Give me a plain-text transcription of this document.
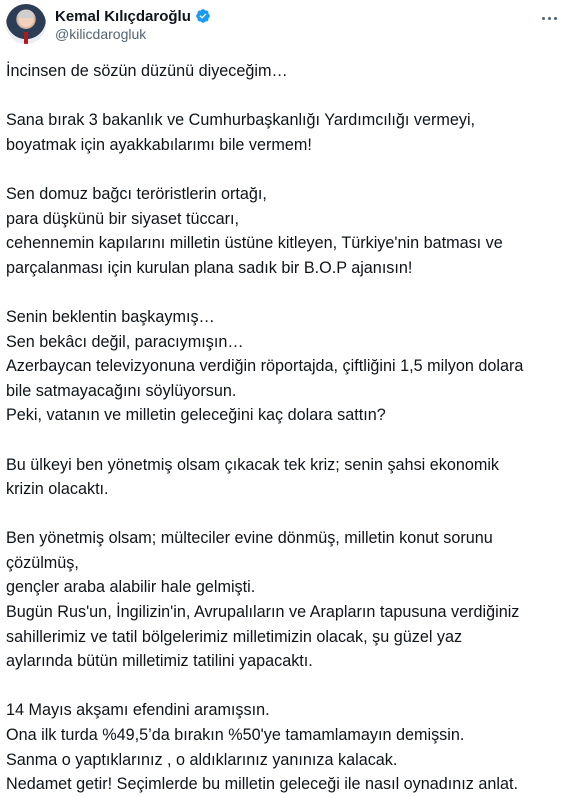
Kemal Kılıçdaroğlu
@kilicdarogluk
İncinsen de sözün düzünü diyeceğim…

Sana bırak 3 bakanlık ve Cumhurbaşkanlığı Yardımcılığı vermeyi,
boyatmak için ayakkabılarımı bile vermem!

Sen domuz bağcı teröristlerin ortağı,
para düşkünü bir siyaset tüccarı,
cehennemin kapılarını milletin üstüne kitleyen, Türkiye'nin batması ve
parçalanması için kurulan plana sadık bir B.O.P ajanısın!

Senin beklentin başkaymış…
Sen bekâcı değil, paracıymışın…
Azerbaycan televizyonuna verdiğin röportajda, çiftliğini 1,5 milyon dolara
bile satmayacağını söylüyorsun.
Peki, vatanın ve milletin geleceğini kaç dolara sattın?

Bu ülkeyi ben yönetmiş olsam çıkacak tek kriz; senin şahsi ekonomik
krizin olacaktı.

Ben yönetmiş olsam; mülteciler evine dönmüş, milletin konut sorunu
çözülmüş,
gençler araba alabilir hale gelmişti.
Bugün Rus'un, İngilizin'in, Avrupalıların ve Arapların tapusuna verdiğiniz
sahillerimiz ve tatil bölgelerimiz milletimizin olacak, şu güzel yaz
aylarında bütün milletimiz tatilini yapacaktı.

14 Mayıs akşamı efendini aramışsın.
Ona ilk turda %49,5’da bırakın %50'ye tamamlamayın demişsin.
Sanma o yaptıklarınız , o aldıklarınız yanınıza kalacak.
Nedamet getir! Seçimlerde bu milletin geleceği ile nasıl oynadınız anlat.
